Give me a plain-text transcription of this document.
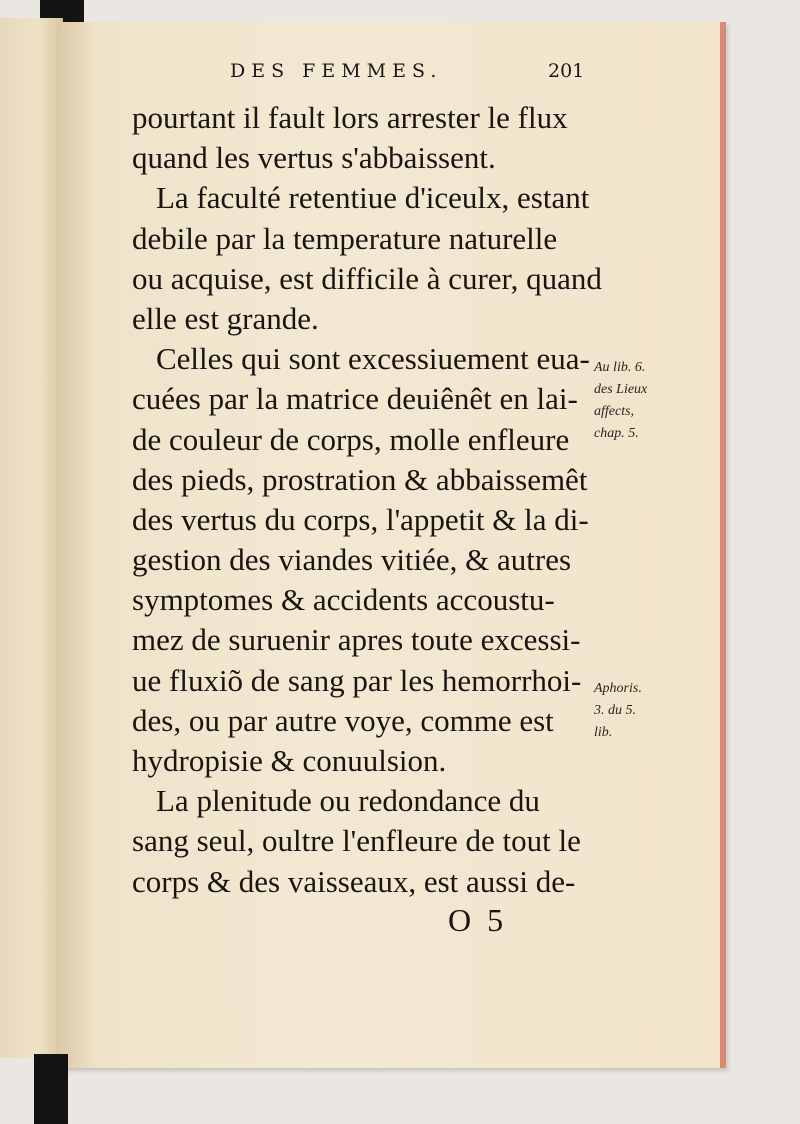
DES FEMMES.	201
pourtant il fault lors arrester le flux
quand les vertus s'abbaissent.
La faculté retentiue d'iceulx, estant
debile par la temperature naturelle
ou acquise, est difficile à curer, quand
elle est grande.
Celles qui sont excessiuement eua-
cuées par la matrice deuiênêt en lai-
de couleur de corps, molle enfleure
des pieds, prostration & abbaissemêt
des vertus du corps, l'appetit & la di-
gestion des viandes vitiée, & autres
symptomes & accidents accoustu-
mez de suruenir apres toute excessi-
ue fluxiõ de sang par les hemorrhoi-
des, ou par autre voye, comme est
hydropisie & conuulsion.
La plenitude ou redondance du
sang seul, oultre l'enfleure de tout le
corps & des vaisseaux, est aussi de-
Au lib. 6.
des Lieux
affects,
chap. 5.
Aphoris.
3. du 5.
lib.
O 5
